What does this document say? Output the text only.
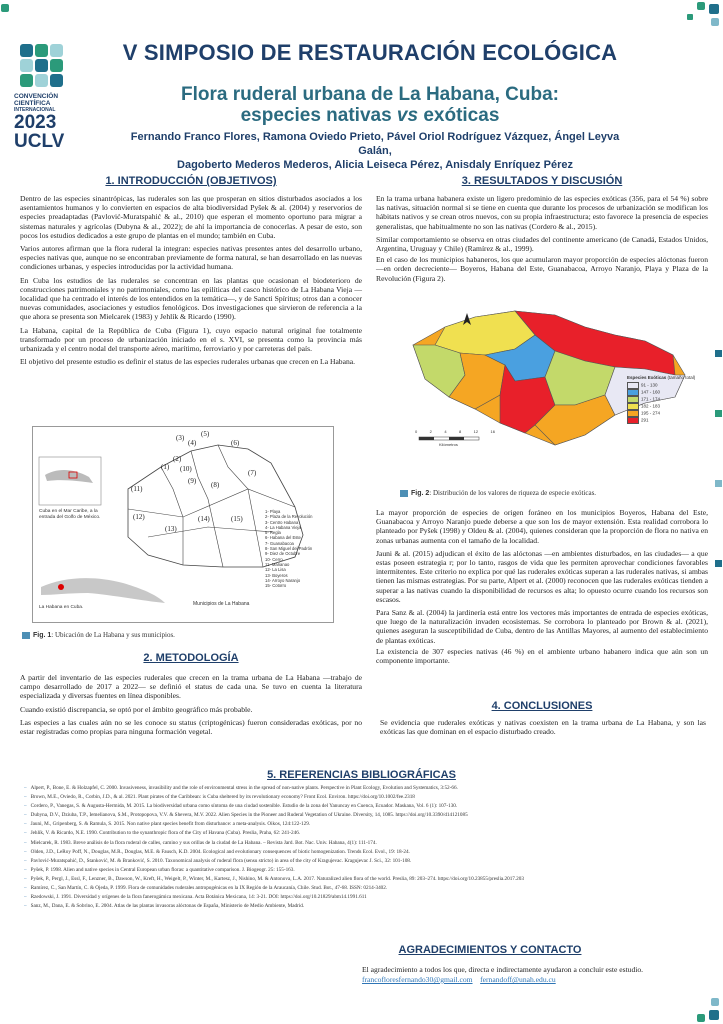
CONVENCIÓN
CIENTÍFICA
INTERNACIONAL
2023
UCLV
V SIMPOSIO DE RESTAURACIÓN ECOLÓGICA
Flora ruderal urbana de La Habana, Cuba:
especies nativas vs exóticas
Fernando Franco Flores, Ramona Oviedo Prieto, Pável Oriol Rodríguez Vázquez, Ángel Leyva Galán,
Dagoberto Mederos Mederos, Alicia Leiseca Pérez, Anisdaly Enríquez Pérez
1. INTRODUCCIÓN (OBJETIVOS)

Dentro de las especies sinantrópicas, las ruderales son las que prosperan en sitios disturbados asociados a los asentamientos humanos y lo convierten en espacios de alta biodiversidad Pyšek & al. (2004) y reservorios de especies preadaptadas (Pavlović-Muratspahić & al., 2010) que esperan el momento oportuno para migrar a sistemas naturales y agrícolas (Dubyna & al., 2022); de ahí la importancia de conocerlas. A pesar de esto, son pocos los estudios dedicados a este grupo de plantas en el mundo; también en Cuba.

Varios autores afirman que la flora ruderal la integran: especies nativas presentes antes del desarrollo urbano, especies nativas que, aunque no se encontraban previamente de forma natural, se han desarrollado en las nuevas condiciones urbanas, y especies introducidas por la actividad humana.

En Cuba los estudios de las ruderales se concentran en las plantas que ocasionan el biodeterioro de construcciones patrimoniales y no patrimoniales, como las epilíticas del casco histórico de La Habana Vieja —localidad que ha centrado el interés de los entendidos en la temática—, y de Sancti Spíritus; otros dan a conocer nuevas comunidades, asociaciones y estudios fenológicos. Dos investigaciones que sirvieron de referencia a la que ahora se presenta son Mielcarek (1983) y Jehlík & Ricardo (1990).

La Habana, capital de la República de Cuba (Figura 1), cuyo espacio natural original fue totalmente transformado por un proceso de urbanización iniciado en el s. XVI, se presenta como la provincia más urbanizada y el centro nodal del transporte aéreo, marítimo, ferroviario y por carreteras del país.

El objetivo del presente estudio es definir el status de las especies ruderales urbanas que crecen en La Habana.

(3)
(4)
(5)
(6)
(2)
(10)
(1)
(9) (8)
(7)
(11)
(12)
(13)
(14)	(15)
1- Playa
2- Plaza de la Revolución
3- Centro Habana
4- La Habana Vieja
5- Regla
6- Habana del Este
7- Guanabacoa
8- San Miguel del Padrón
9- Diez de Octubre
10- Cerro
11- Marianao
12- La Lisa
13- Boyeros
14- Arroyo Naranjo
15- Cotorro
Cuba en el Mar Caribe, a la entrada del Golfo de México.
La Habana en Cuba.
Municipios de La Habana
Fig. 1: Ubicación de La Habana y sus municipios.
2. METODOLOGÍA

A partir del inventario de las especies ruderales que crecen en la trama urbana de La Habana —trabajo de campo desarrollado de 2017 a 2022— se definió el status de cada una. Se tuvo en cuenta la literatura especializada y diversas fuentes en línea disponibles.

Cuando existió discrepancia, se optó por el ámbito geográfico más probable.

Las especies a las cuales aún no se les conoce su status (criptogénicas) fueron consideradas exóticas, por no estar registradas como propias para ninguna formación vegetal.

3. RESULTADOS Y DISCUSIÓN

En la trama urbana habanera existe un ligero predominio de las especies exóticas (356, para el 54 %) sobre las nativas, situación normal si se tiene en cuenta que durante los procesos de urbanización se modifican los hábitats nativos y se crean otros nuevos, con su propia infraestructura; esto favorece la presencia de especies generalistas, que habitualmente no son las nativas (Cordero & al., 2015).

Similar comportamiento se observa en otras ciudades del continente americano (de Canadá, Estados Unidos, Argentina, Uruguay y Chile) (Ramírez & al., 1999).

En el caso de los municipios habaneros, los que acumularon mayor proporción de especies alóctonas fueron —en orden decreciente— Boyeros, Habana del Este, Guanabacoa, Arroyo Naranjo, Playa y Plaza de la Revolución (Figura 2).

0	2	4	8	12	16
Kilómetros
Especies Exóticas (tamaño total)
91 - 130
147 - 160
171 - 174
182 - 183
195 - 274
291
Fig. 2: Distribución de los valores de riqueza de especie exóticas.

La mayor proporción de especies de origen foráneo en los municipios Boyeros, Habana del Este, Guanabacoa y Arroyo Naranjo puede deberse a que son los de mayor extensión. Esta realidad corrobora lo planteado por Pyšek (1998) y Oldeu & al. (2004), quienes consideran que la proporción de flora no nativa en zonas urbanas aumenta con el tamaño de la localidad.

Jauni & al. (2015) adjudican el éxito de las alóctonas —en ambientes disturbados, en las ciudades— a que estas poseen estrategia r; por lo tanto, rasgos de vida que les permiten aprovechar condiciones favorables intermitentes. Este criterio no explica por qué las ruderales exóticas superan a las ruderales nativas, si ambas tienen las mismas estrategias. Por su parte, Alpert et al. (2000) reconocen que las ruderales exóticas tienden a superar a las nativas cuando la disponibilidad de recursos es alta; lo opuesto ocurre cuando los recursos son escasos.

Para Sanz & al. (2004) la jardinería está entre los vectores más importantes de entrada de especies exóticas, que luego de la naturalización invaden ecosistemas. Se corrobora lo planteado por Brown & al. (2021), quienes aseguran la susceptibilidad de Cuba, dentro de las Antillas Mayores, al aumento del establecimiento de plantas exóticas.

La existencia de 307 especies nativas (46 %) en el ambiente urbano habanero indica que aún son un componente importante.

4. CONCLUSIONES

Se evidencia que ruderales exóticas y nativas coexisten en la trama urbana de La Habana, y son las exóticas las que dominan en el espacio disturbado creado.

5. REFERENCIAS BIBLIOGRÁFICAS
– Alpert, P., Bone, E. & Holzapfel, C. 2000. Invasiveness, invasibility and the role of environmental stress in the spread of non-native plants. Perspective in Plant Ecology, Evolution and Systematics, 3:52-66.
– Brown, M.E., Oviedo, R., Corbin, J.D., & al. 2021. Plant pirates of the Caribbean: is Cuba sheltered by its revolutionary economy? Front Ecol. Environ. https://doi.org/10.1002/fee.2318
– Cordero, P., Vanegas, S. & Augusta-Hermida, M. 2015. La biodiversidad urbana como síntoma de una ciudad sostenible. Estudio de la zona del Yanuncay en Cuenca, Ecuador. Maskana, Vol. 6 (1): 107-130.
– Dubyna, D.V., Dziuba, T.P., Iemelianova, S.M., Protopopova, V.V. & Shevera, M.V. 2022. Alien Species in the Pioneer and Ruderal Vegetation of Ukraine. Diversity, 14, 1085. https://doi.org/10.3390/d14121085
– Jauni, M., Gripenberg, S. & Ramula, S. 2015. Non native plant species benefit from disturbance: a meta-analysis. Oikos, 124:122-129.
– Jehlík, V. & Ricardo, N.E. 1990. Contribution to the synanthropic flora of the City of Havana (Cuba). Preslia, Praha, 62: 241-246.
– Mielcarek, R. 1983. Breve análisis de la flora ruderal de calles, camino y sus orillas de la ciudad de La Habana. – Revista Jard. Bot. Nac. Univ. Habana, 4(1): 111-174.
– Olden, J.D., LeRoy Poff, N., Douglas, M.R., Douglas, M.E. & Fausch, K.D. 2004. Ecological and evolutionary consequences of biotic homogenization. Trends Ecol. Evol., 19: 18-24.
– Pavlović-Muratspahić, D., Stanković, M. & Branković, S. 2010. Taxonomical analysis of ruderal flora (sensu stricto) in area of the city of Kragujevac. Kragujevac J. Sci., 32: 101-108.
– Pyšek, P. 1998. Alien and native species in Central European urban floras: a quantitative comparison. J. Biogeogr. 25: 155-163.
– Pyšek, P., Pergl, J., Essl, F., Lenzner, B., Dawson, W., Kreft, H., Weigelt, P., Winter, M., Kartesz, J., Nishino, M. & Antonova, L.A. 2017. Naturalized alien flora of the world. Preslia, 89: 203–274. https://doi.org/10.23855/preslia.2017.203
– Ramírez, C., San Martín, C. & Ojeda, P. 1999. Flora de comunidades ruderales antropogénicas en la IX Región de la Araucanía, Chile. Stud. Bot., 47-68. ISSN: 0214-3402.
– Rzedowski, J. 1991. Diversidad y orígenes de la flora fanerogámica mexicana. Acta Botánica Mexicana, 14: 3-21. DOI: https://doi.org/10.21829/abm14.1991.611
– Sanz, M., Dana, E. & Sobrino, E. 2004. Atlas de las plantas invasoras alóctonas de España, Ministerio de Medio Ambiente, Madrid.
AGRADECIMIENTOS Y CONTACTO
El agradecimiento a todos los que, directa e indirectamente ayudaron a concluir este estudio.
francofloresfernando30@gmail.com fernandoff@unah.edu.cu
